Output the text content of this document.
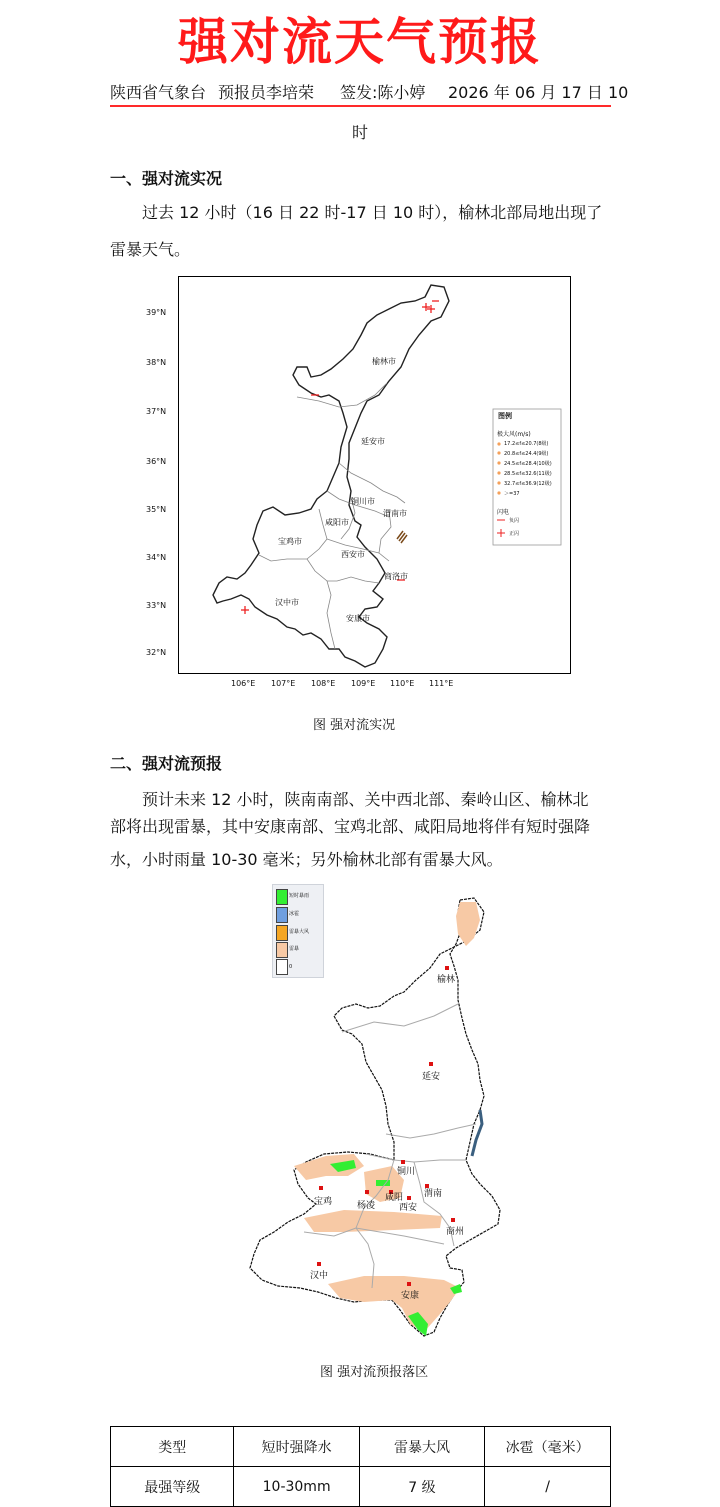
强对流天气预报
陕西省气象台 预报员李培荣 签发:陈小婷 2026 年 06 月 17 日 10
时
一、强对流实况
过去 12 小时（16 日 22 时-17 日 10 时），榆林北部局地出现了
雷暴天气。
39°N
38°N
37°N
36°N
35°N
34°N
33°N
32°N
106°E 107°E 108°E 109°E 110°E 111°E
榆林市
延安市
铜川市
渭南市
咸阳市
宝鸡市
西安市
商洛市
汉中市
安康市
图例
极大风(m/s)
17.2≤f≤20.7(8级)
20.8≤f≤24.4(9级)
24.5≤f≤28.4(10级)
28.5≤f≤32.6(11级)
32.7≤f≤36.9(12级)
＞=37
闪电
负闪
正闪
图 强对流实况
二、强对流预报
预计未来 12 小时，陕南南部、关中西北部、秦岭山区、榆林北
部将出现雷暴，其中安康南部、宝鸡北部、咸阳局地将伴有短时强降
水，小时雨量 10-30 毫米；另外榆林北部有雷暴大风。
短时暴雨
冰雹
雷暴大风
雷暴
0
榆林
延安
铜川
宝鸡	杨凌
咸阳
西安
渭南
商州
汉中
安康
图 强对流预报落区
类型	短时强降水	雷暴大风	冰雹（毫米）
最强等级	10-30mm	7 级	/
